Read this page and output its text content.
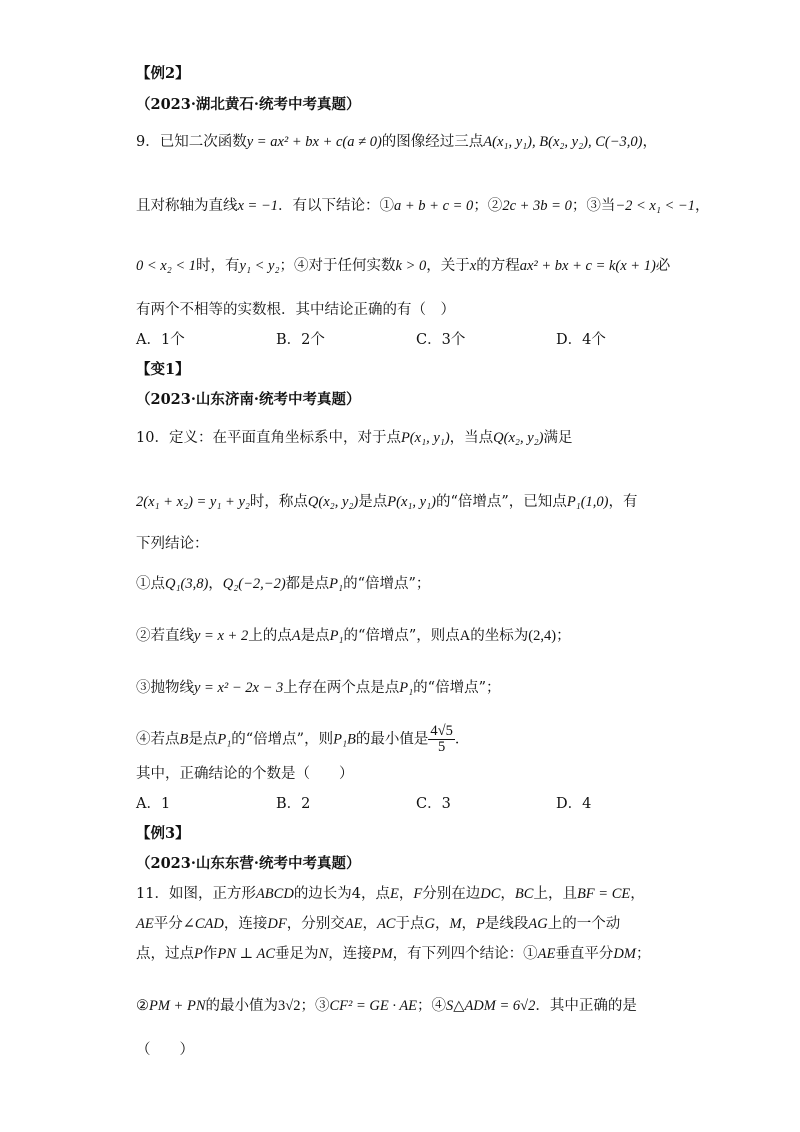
【例2】
（2023·湖北黄石·统考中考真题）
9．已知二次函数y = ax² + bx + c(a ≠ 0)的图像经过三点A(x₁, y₁), B(x₂, y₂), C(−3,0)，
且对称轴为直线x = −1．有以下结论：①a + b + c = 0；②2c + 3b = 0；③当−2 < x₁ < −1，
0 < x₂ < 1时，有y₁ < y₂；④对于任何实数k > 0，关于x的方程ax² + bx + c = k(x + 1)必
有两个不相等的实数根．其中结论正确的有（　）
A．1个	B．2个	C．3个	D．4个
【变1】
（2023·山东济南·统考中考真题）
10．定义：在平面直角坐标系中，对于点P(x₁, y₁)，当点Q(x₂, y₂)满足
2(x₁ + x₂) = y₁ + y₂时，称点Q(x₂, y₂)是点P(x₁, y₁)的“倍增点”，已知点P₁(1,0)，有
下列结论：
①点Q₁(3,8)，Q₂(−2,−2)都是点P₁的“倍增点”；
②若直线y = x + 2上的点A是点P₁的“倍增点”，则点A的坐标为(2,4)；
③抛物线y = x² − 2x − 3上存在两个点是点P₁的“倍增点”；
④若点B是点P₁的“倍增点”，则P₁B的最小值是 $\frac{4√5}{5}$ ．
其中，正确结论的个数是（　　）
A．1	B．2	C．3	D．4
【例3】
（2023·山东东营·统考中考真题）
11．如图，正方形ABCD的边长为4，点E，F分别在边DC，BC上，且BF = CE，
AE平分∠CAD，连接DF，分别交AE，AC于点G，M，P是线段AG上的一个动
点，过点P作PN ⊥ AC垂足为N，连接PM，有下列四个结论：①AE垂直平分DM；
②PM + PN的最小值为3√2；③CF² = GE · AE；④S△ADM = 6√2．其中正确的是
（　　）
